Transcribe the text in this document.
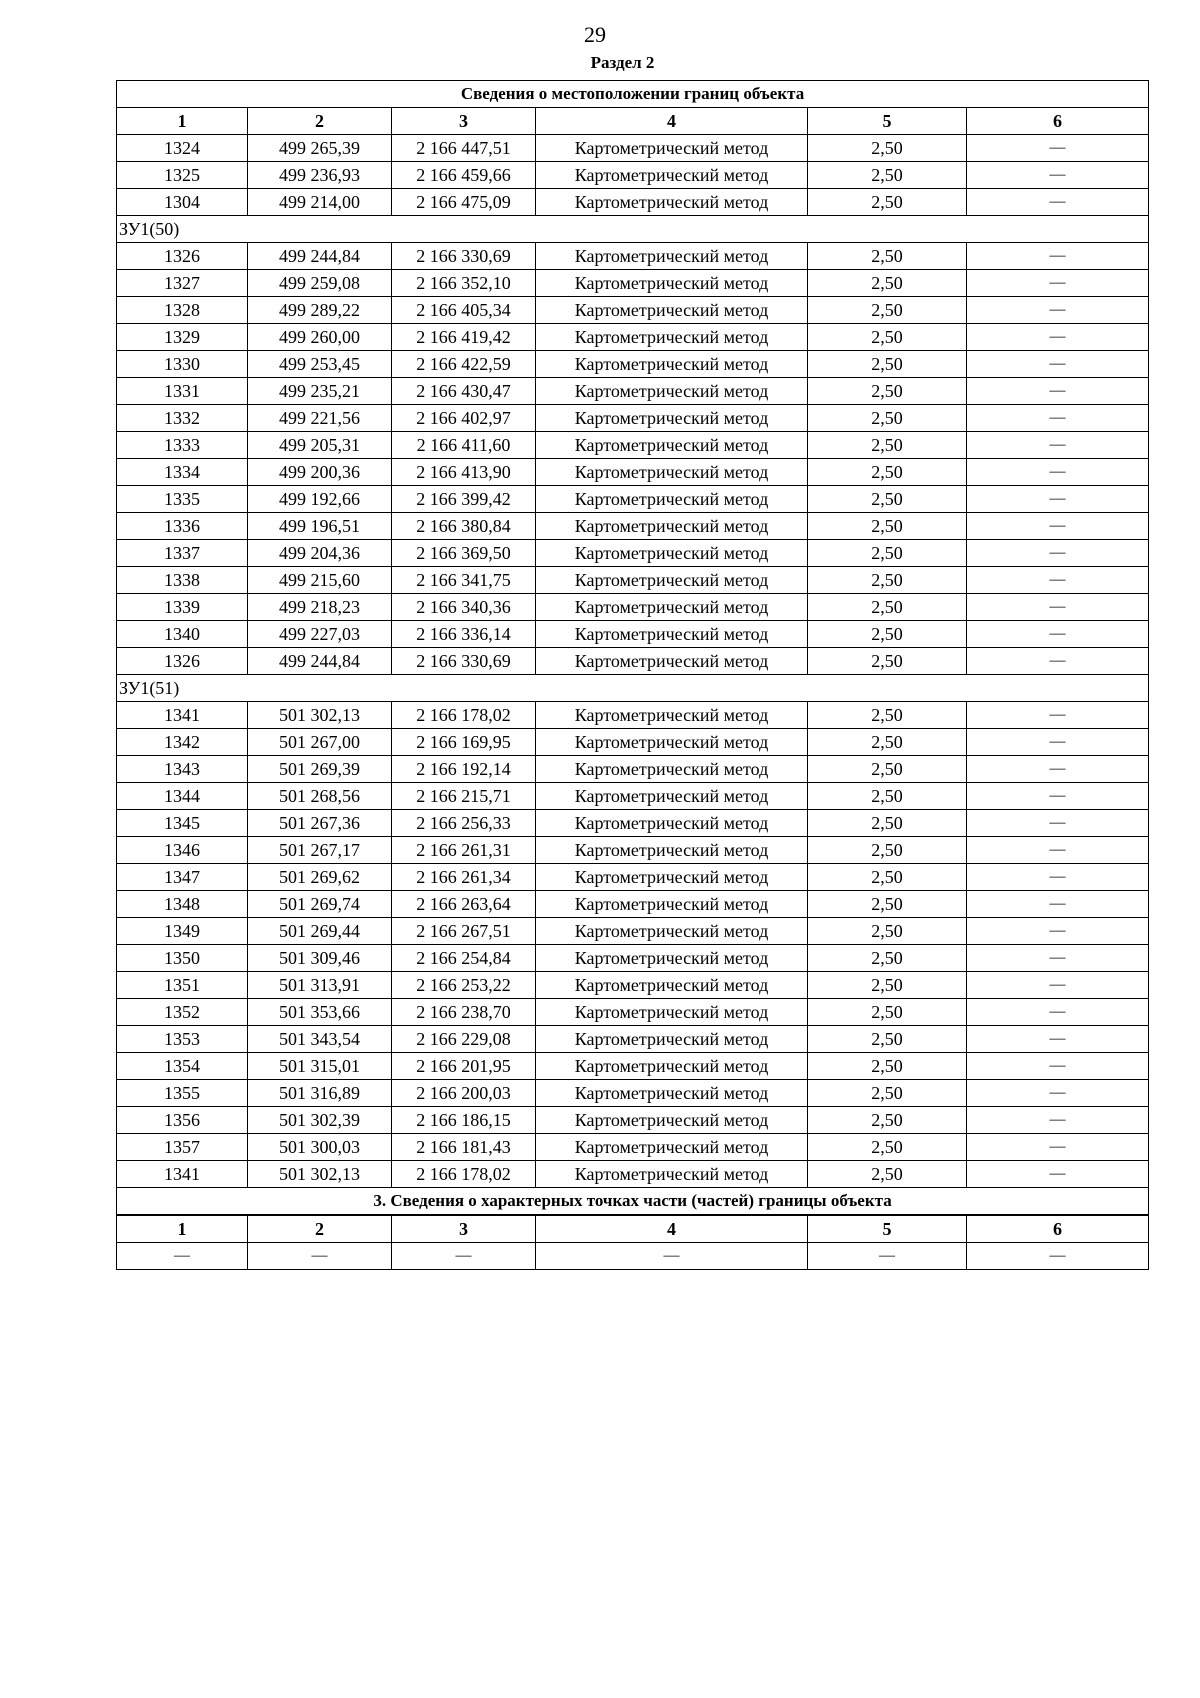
29
Раздел 2
Сведения о местоположении границ объекта					
1	2	3	4	5	6
1324	499 265,39	2 166 447,51	Картометрический метод	2,50	—
1325	499 236,93	2 166 459,66	Картометрический метод	2,50	—
1304	499 214,00	2 166 475,09	Картометрический метод	2,50	—
ЗУ1(50)					
1326	499 244,84	2 166 330,69	Картометрический метод	2,50	—
1327	499 259,08	2 166 352,10	Картометрический метод	2,50	—
1328	499 289,22	2 166 405,34	Картометрический метод	2,50	—
1329	499 260,00	2 166 419,42	Картометрический метод	2,50	—
1330	499 253,45	2 166 422,59	Картометрический метод	2,50	—
1331	499 235,21	2 166 430,47	Картометрический метод	2,50	—
1332	499 221,56	2 166 402,97	Картометрический метод	2,50	—
1333	499 205,31	2 166 411,60	Картометрический метод	2,50	—
1334	499 200,36	2 166 413,90	Картометрический метод	2,50	—
1335	499 192,66	2 166 399,42	Картометрический метод	2,50	—
1336	499 196,51	2 166 380,84	Картометрический метод	2,50	—
1337	499 204,36	2 166 369,50	Картометрический метод	2,50	—
1338	499 215,60	2 166 341,75	Картометрический метод	2,50	—
1339	499 218,23	2 166 340,36	Картометрический метод	2,50	—
1340	499 227,03	2 166 336,14	Картометрический метод	2,50	—
1326	499 244,84	2 166 330,69	Картометрический метод	2,50	—
ЗУ1(51)					
1341	501 302,13	2 166 178,02	Картометрический метод	2,50	—
1342	501 267,00	2 166 169,95	Картометрический метод	2,50	—
1343	501 269,39	2 166 192,14	Картометрический метод	2,50	—
1344	501 268,56	2 166 215,71	Картометрический метод	2,50	—
1345	501 267,36	2 166 256,33	Картометрический метод	2,50	—
1346	501 267,17	2 166 261,31	Картометрический метод	2,50	—
1347	501 269,62	2 166 261,34	Картометрический метод	2,50	—
1348	501 269,74	2 166 263,64	Картометрический метод	2,50	—
1349	501 269,44	2 166 267,51	Картометрический метод	2,50	—
1350	501 309,46	2 166 254,84	Картометрический метод	2,50	—
1351	501 313,91	2 166 253,22	Картометрический метод	2,50	—
1352	501 353,66	2 166 238,70	Картометрический метод	2,50	—
1353	501 343,54	2 166 229,08	Картометрический метод	2,50	—
1354	501 315,01	2 166 201,95	Картометрический метод	2,50	—
1355	501 316,89	2 166 200,03	Картометрический метод	2,50	—
1356	501 302,39	2 166 186,15	Картометрический метод	2,50	—
1357	501 300,03	2 166 181,43	Картометрический метод	2,50	—
1341	501 302,13	2 166 178,02	Картометрический метод	2,50	—
3. Сведения о характерных точках части (частей) границы объекта					
1	2	3	4	5	6
—	—	—	—	—	—
